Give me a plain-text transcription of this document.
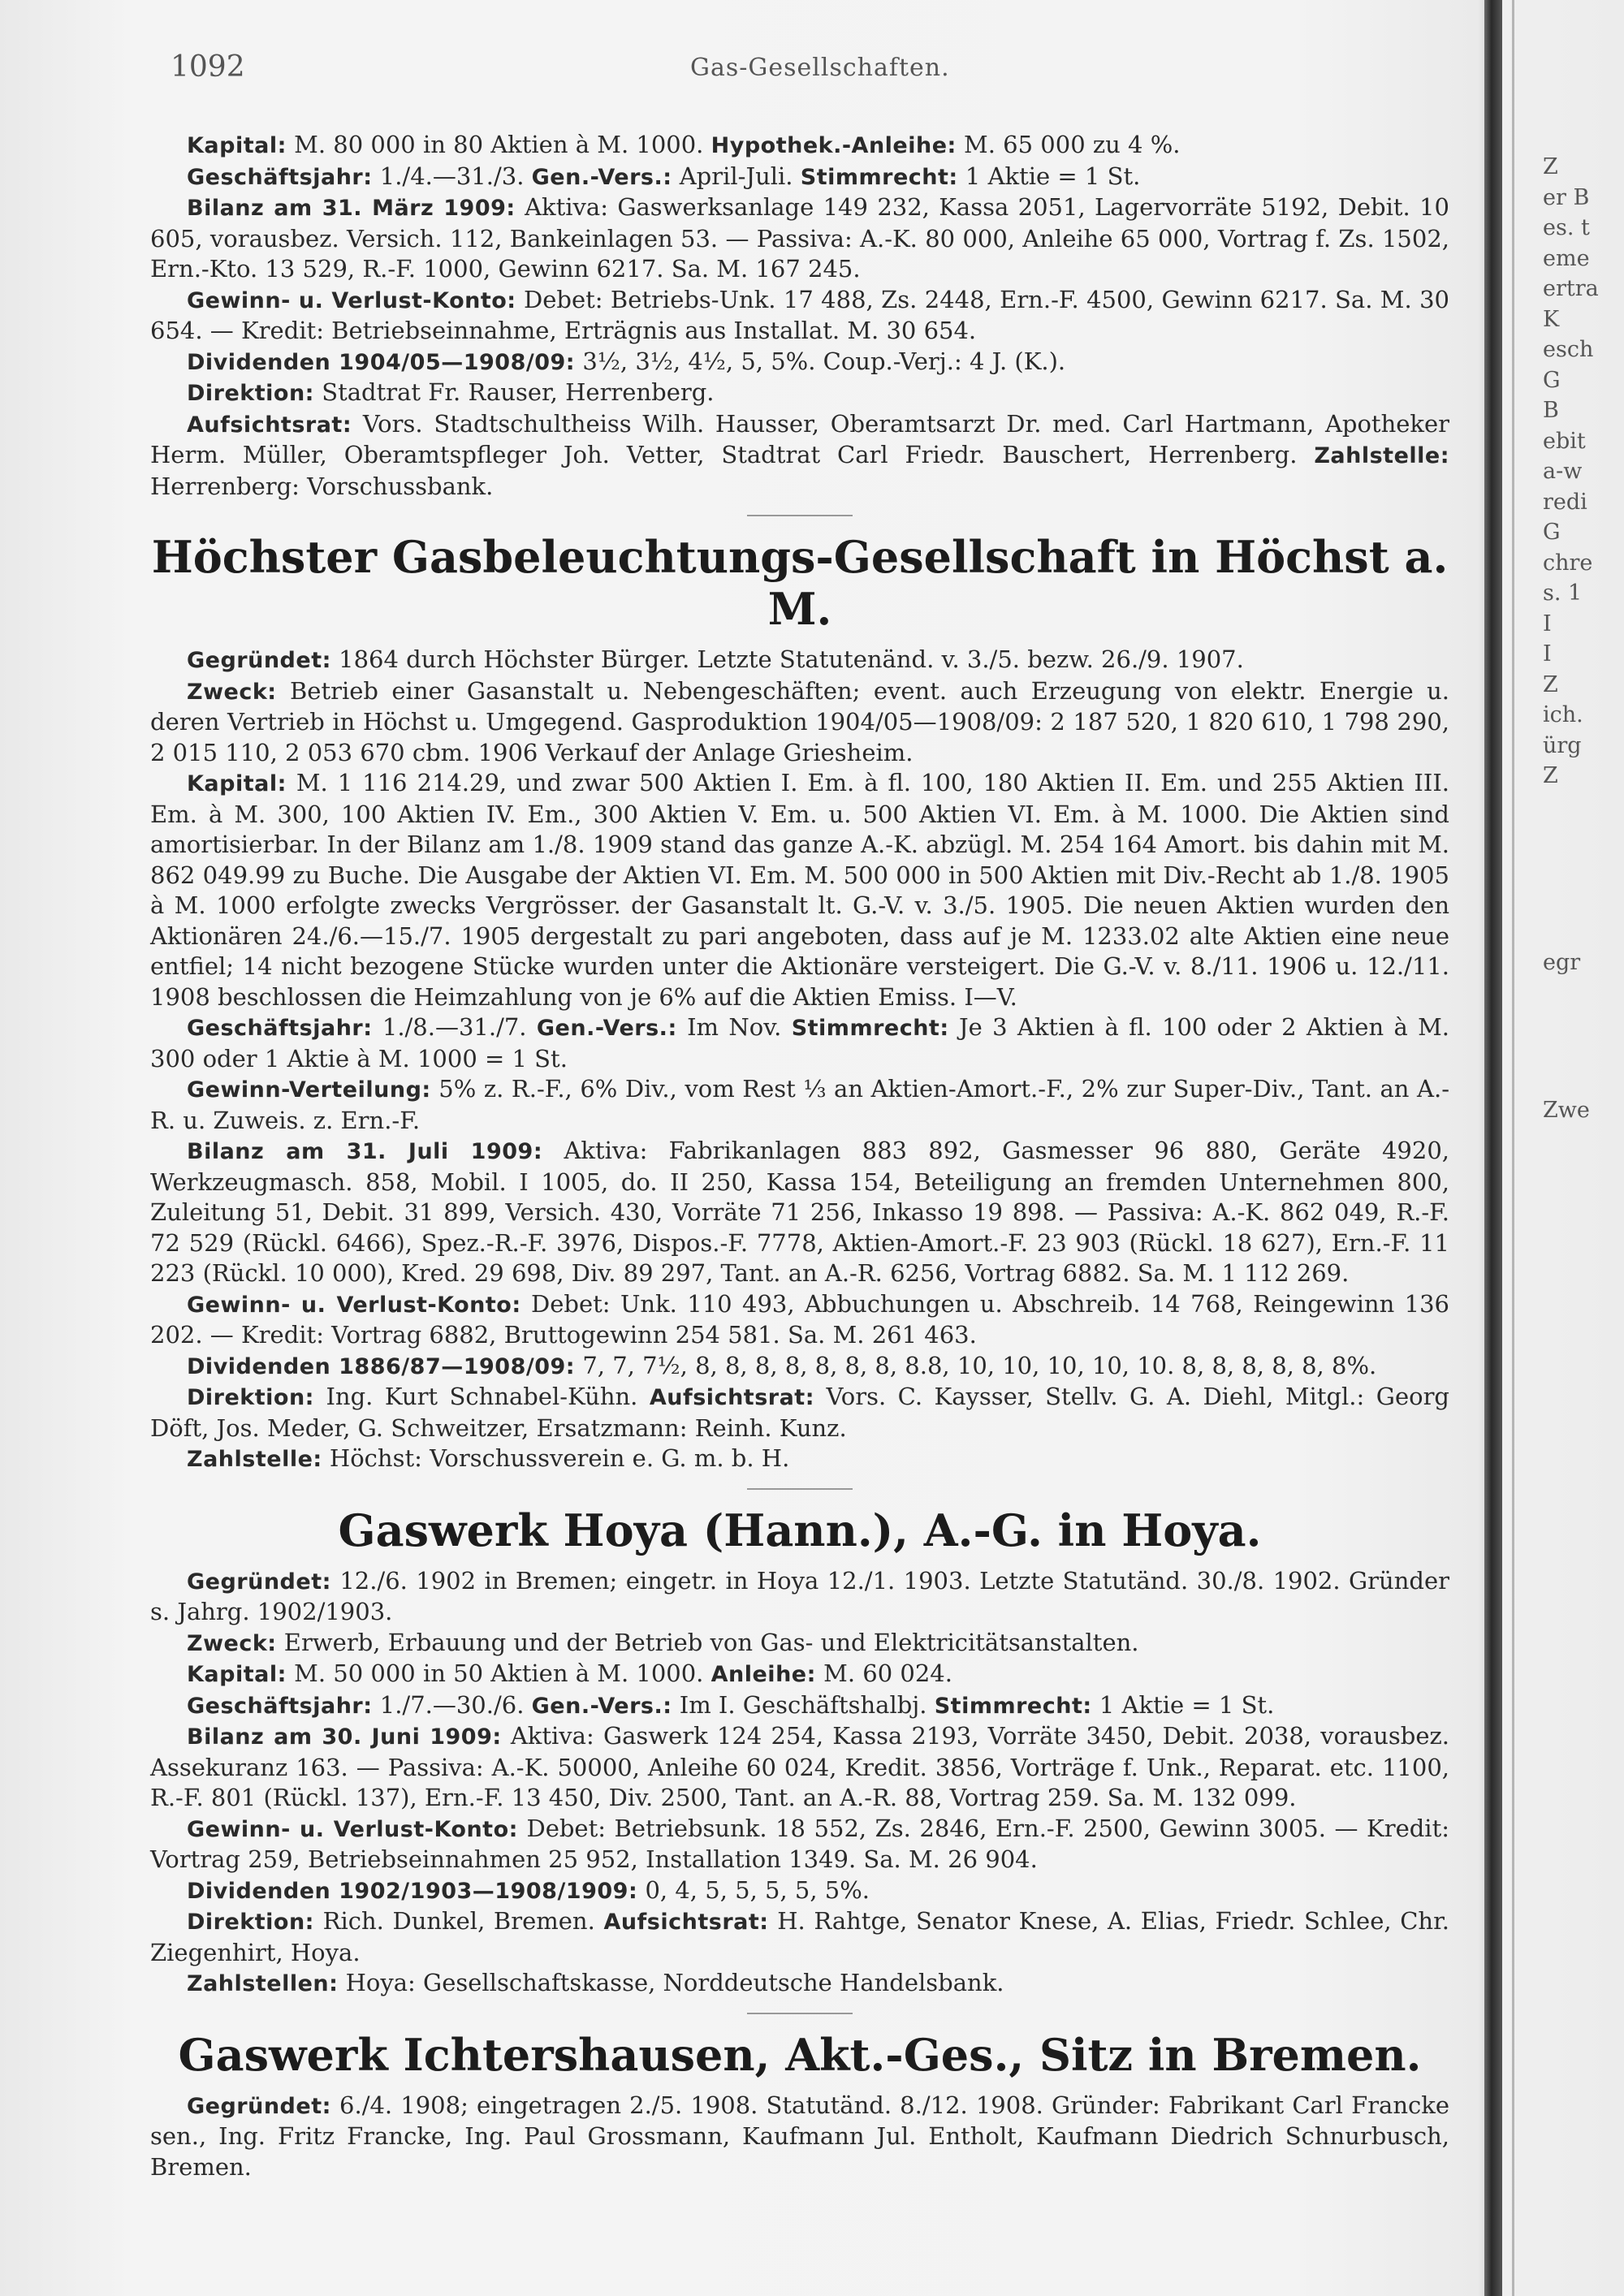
1092	Gas-Gesellschaften.

Kapital: M. 80 000 in 80 Aktien à M. 1000. Hypothek.-Anleihe: M. 65 000 zu 4 %.

Geschäftsjahr: 1./4.—31./3. Gen.-Vers.: April-Juli. Stimmrecht: 1 Aktie = 1 St.

Bilanz am 31. März 1909: Aktiva: Gaswerksanlage 149 232, Kassa 2051, Lagervorräte 5192, Debit. 10 605, vorausbez. Versich. 112, Bankeinlagen 53. — Passiva: A.-K. 80 000, Anleihe 65 000, Vortrag f. Zs. 1502, Ern.-Kto. 13 529, R.-F. 1000, Gewinn 6217. Sa. M. 167 245.

Gewinn- u. Verlust-Konto: Debet: Betriebs-Unk. 17 488, Zs. 2448, Ern.-F. 4500, Gewinn 6217. Sa. M. 30 654. — Kredit: Betriebseinnahme, Erträgnis aus Installat. M. 30 654.

Dividenden 1904/05—1908/09: 3½, 3½, 4½, 5, 5%. Coup.-Verj.: 4 J. (K.).

Direktion: Stadtrat Fr. Rauser, Herrenberg.

Aufsichtsrat: Vors. Stadtschultheiss Wilh. Hausser, Oberamtsarzt Dr. med. Carl Hartmann, Apotheker Herm. Müller, Oberamtspfleger Joh. Vetter, Stadtrat Carl Friedr. Bauschert, Herrenberg. Zahlstelle: Herrenberg: Vorschussbank.

Höchster Gasbeleuchtungs-Gesellschaft in Höchst a. M.

Gegründet: 1864 durch Höchster Bürger. Letzte Statutenänd. v. 3./5. bezw. 26./9. 1907.

Zweck: Betrieb einer Gasanstalt u. Nebengeschäften; event. auch Erzeugung von elektr. Energie u. deren Vertrieb in Höchst u. Umgegend. Gasproduktion 1904/05—1908/09: 2 187 520, 1 820 610, 1 798 290, 2 015 110, 2 053 670 cbm. 1906 Verkauf der Anlage Griesheim.

Kapital: M. 1 116 214.29, und zwar 500 Aktien I. Em. à fl. 100, 180 Aktien II. Em. und 255 Aktien III. Em. à M. 300, 100 Aktien IV. Em., 300 Aktien V. Em. u. 500 Aktien VI. Em. à M. 1000. Die Aktien sind amortisierbar. In der Bilanz am 1./8. 1909 stand das ganze A.-K. abzügl. M. 254 164 Amort. bis dahin mit M. 862 049.99 zu Buche. Die Ausgabe der Aktien VI. Em. M. 500 000 in 500 Aktien mit Div.-Recht ab 1./8. 1905 à M. 1000 erfolgte zwecks Vergrösser. der Gasanstalt lt. G.-V. v. 3./5. 1905. Die neuen Aktien wurden den Aktionären 24./6.—15./7. 1905 dergestalt zu pari angeboten, dass auf je M. 1233.02 alte Aktien eine neue entfiel; 14 nicht bezogene Stücke wurden unter die Aktionäre versteigert. Die G.-V. v. 8./11. 1906 u. 12./11. 1908 beschlossen die Heimzahlung von je 6% auf die Aktien Emiss. I—V.

Geschäftsjahr: 1./8.—31./7. Gen.-Vers.: Im Nov. Stimmrecht: Je 3 Aktien à fl. 100 oder 2 Aktien à M. 300 oder 1 Aktie à M. 1000 = 1 St.

Gewinn-Verteilung: 5% z. R.-F., 6% Div., vom Rest ⅓ an Aktien-Amort.-F., 2% zur Super-Div., Tant. an A.-R. u. Zuweis. z. Ern.-F.

Bilanz am 31. Juli 1909: Aktiva: Fabrikanlagen 883 892, Gasmesser 96 880, Geräte 4920, Werkzeugmasch. 858, Mobil. I 1005, do. II 250, Kassa 154, Beteiligung an fremden Unternehmen 800, Zuleitung 51, Debit. 31 899, Versich. 430, Vorräte 71 256, Inkasso 19 898. — Passiva: A.-K. 862 049, R.-F. 72 529 (Rückl. 6466), Spez.-R.-F. 3976, Dispos.-F. 7778, Aktien-Amort.-F. 23 903 (Rückl. 18 627), Ern.-F. 11 223 (Rückl. 10 000), Kred. 29 698, Div. 89 297, Tant. an A.-R. 6256, Vortrag 6882. Sa. M. 1 112 269.

Gewinn- u. Verlust-Konto: Debet: Unk. 110 493, Abbuchungen u. Abschreib. 14 768, Reingewinn 136 202. — Kredit: Vortrag 6882, Bruttogewinn 254 581. Sa. M. 261 463.

Dividenden 1886/87—1908/09: 7, 7, 7½, 8, 8, 8, 8, 8, 8, 8, 8.8, 10, 10, 10, 10, 10. 8, 8, 8, 8, 8, 8%.

Direktion: Ing. Kurt Schnabel-Kühn. Aufsichtsrat: Vors. C. Kaysser, Stellv. G. A. Diehl, Mitgl.: Georg Döft, Jos. Meder, G. Schweitzer, Ersatzmann: Reinh. Kunz.

Zahlstelle: Höchst: Vorschussverein e. G. m. b. H.

Gaswerk Hoya (Hann.), A.-G. in Hoya.

Gegründet: 12./6. 1902 in Bremen; eingetr. in Hoya 12./1. 1903. Letzte Statutänd. 30./8. 1902. Gründer s. Jahrg. 1902/1903.

Zweck: Erwerb, Erbauung und der Betrieb von Gas- und Elektricitätsanstalten.

Kapital: M. 50 000 in 50 Aktien à M. 1000. Anleihe: M. 60 024.

Geschäftsjahr: 1./7.—30./6. Gen.-Vers.: Im I. Geschäftshalbj. Stimmrecht: 1 Aktie = 1 St.

Bilanz am 30. Juni 1909: Aktiva: Gaswerk 124 254, Kassa 2193, Vorräte 3450, Debit. 2038, vorausbez. Assekuranz 163. — Passiva: A.-K. 50000, Anleihe 60 024, Kredit. 3856, Vorträge f. Unk., Reparat. etc. 1100, R.-F. 801 (Rückl. 137), Ern.-F. 13 450, Div. 2500, Tant. an A.-R. 88, Vortrag 259. Sa. M. 132 099.

Gewinn- u. Verlust-Konto: Debet: Betriebsunk. 18 552, Zs. 2846, Ern.-F. 2500, Gewinn 3005. — Kredit: Vortrag 259, Betriebseinnahmen 25 952, Installation 1349. Sa. M. 26 904.

Dividenden 1902/1903—1908/1909: 0, 4, 5, 5, 5, 5, 5%.

Direktion: Rich. Dunkel, Bremen. Aufsichtsrat: H. Rahtge, Senator Knese, A. Elias, Friedr. Schlee, Chr. Ziegenhirt, Hoya.

Zahlstellen: Hoya: Gesellschaftskasse, Norddeutsche Handelsbank.

Gaswerk Ichtershausen, Akt.-Ges., Sitz in Bremen.

Gegründet: 6./4. 1908; eingetragen 2./5. 1908. Statutänd. 8./12. 1908. Gründer: Fabrikant Carl Francke sen., Ing. Fritz Francke, Ing. Paul Grossmann, Kaufmann Jul. Entholt, Kaufmann Diedrich Schnurbusch, Bremen.

Z
er B
es. t
eme
ertra
K
esch
G
B
ebit
a-w
redi
G
chre
s. 1
I
I
Z
ich.
ürg
Z
egr
Zwe
